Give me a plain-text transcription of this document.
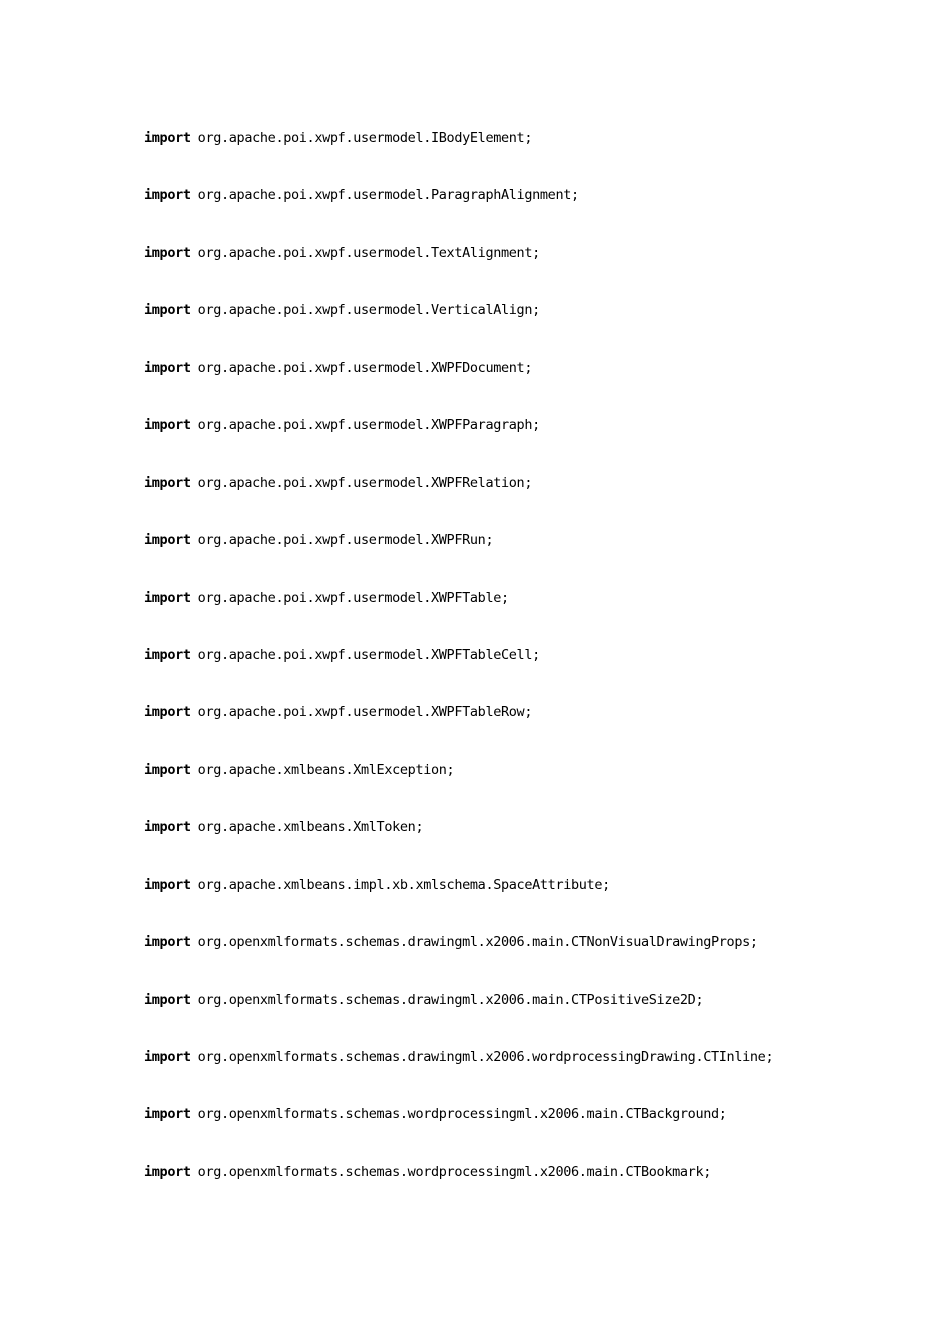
import org.apache.poi.xwpf.usermodel.IBodyElement;
import org.apache.poi.xwpf.usermodel.ParagraphAlignment;
import org.apache.poi.xwpf.usermodel.TextAlignment;
import org.apache.poi.xwpf.usermodel.VerticalAlign;
import org.apache.poi.xwpf.usermodel.XWPFDocument;
import org.apache.poi.xwpf.usermodel.XWPFParagraph;
import org.apache.poi.xwpf.usermodel.XWPFRelation;
import org.apache.poi.xwpf.usermodel.XWPFRun;
import org.apache.poi.xwpf.usermodel.XWPFTable;
import org.apache.poi.xwpf.usermodel.XWPFTableCell;
import org.apache.poi.xwpf.usermodel.XWPFTableRow;
import org.apache.xmlbeans.XmlException;
import org.apache.xmlbeans.XmlToken;
import org.apache.xmlbeans.impl.xb.xmlschema.SpaceAttribute;
import org.openxmlformats.schemas.drawingml.x2006.main.CTNonVisualDrawingProps;
import org.openxmlformats.schemas.drawingml.x2006.main.CTPositiveSize2D;
import org.openxmlformats.schemas.drawingml.x2006.wordprocessingDrawing.CTInline;
import org.openxmlformats.schemas.wordprocessingml.x2006.main.CTBackground;
import org.openxmlformats.schemas.wordprocessingml.x2006.main.CTBookmark;
